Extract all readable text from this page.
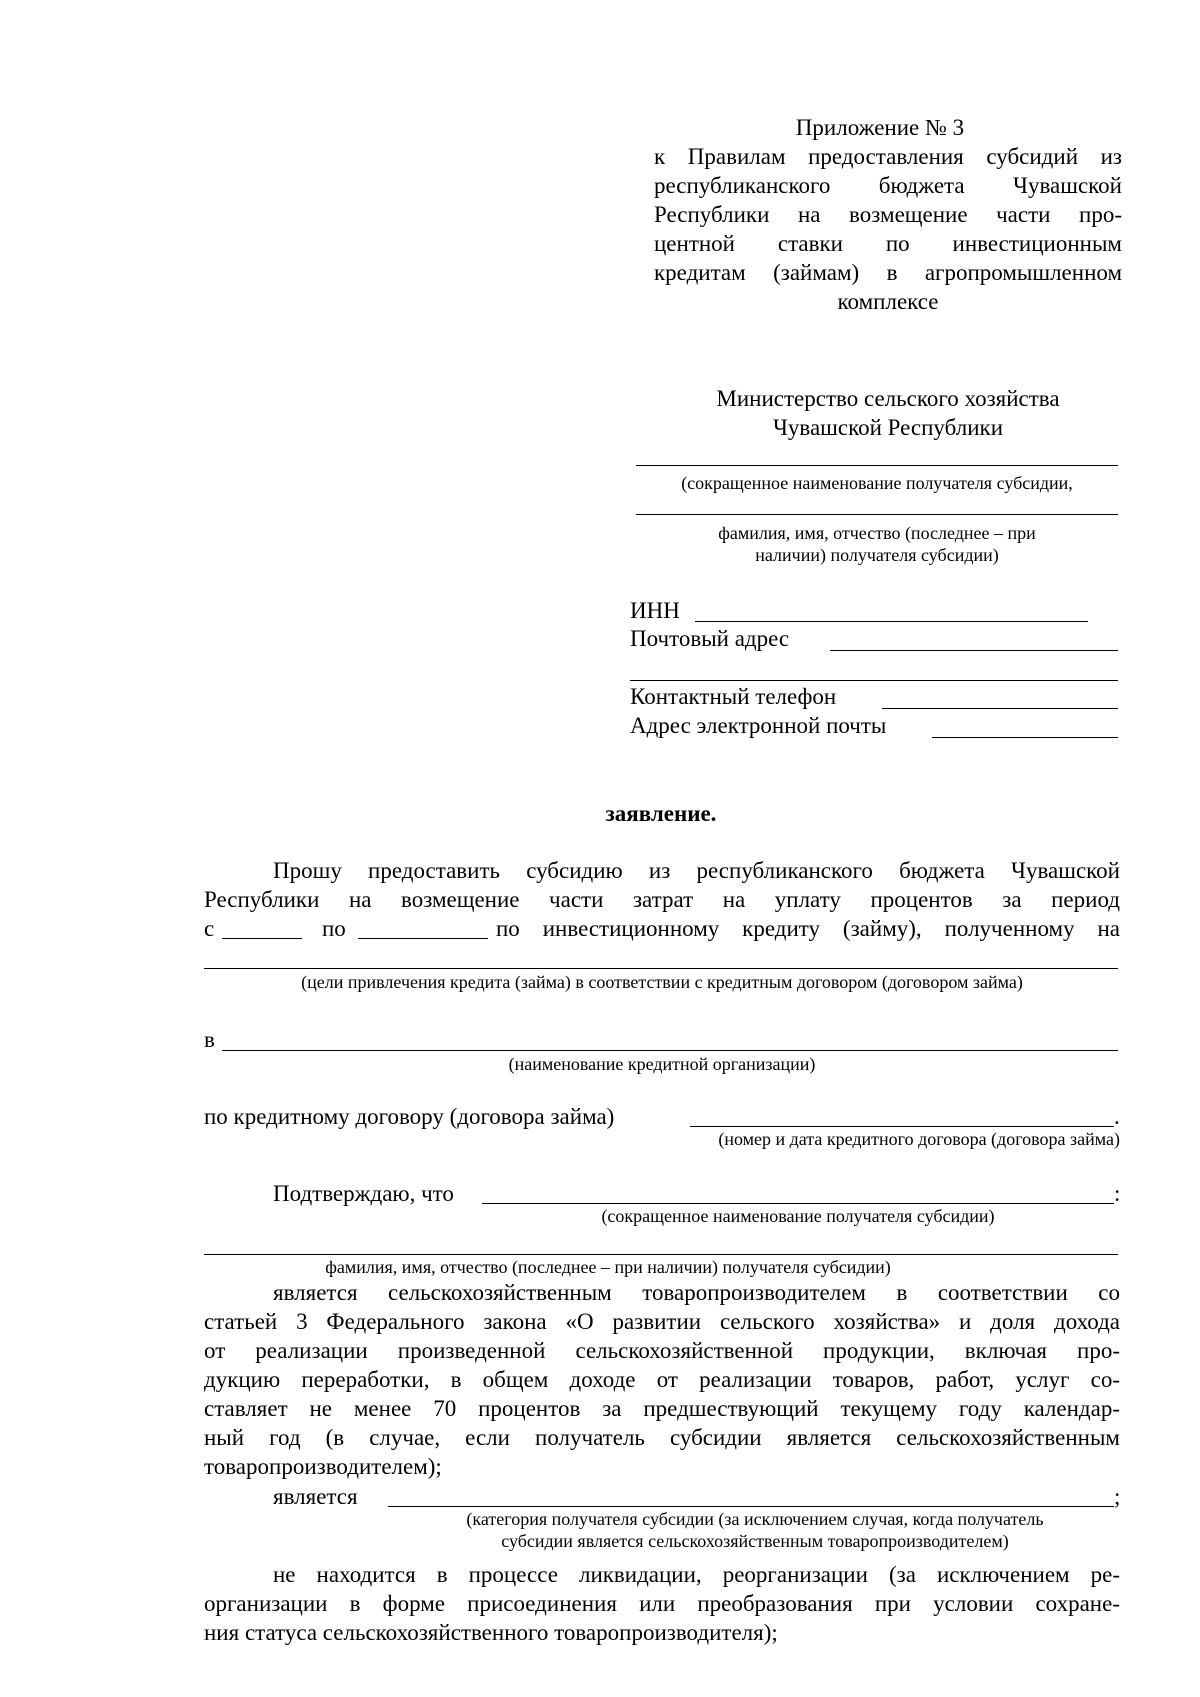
Приложение № 3
к Правилам предоставления субсидий из
республиканского бюджета Чувашской
Республики на возмещение части про-
центной ставки по инвестиционным
кредитам (займам) в агропромышленном
комплексе
Министерство сельского хозяйства
Чувашской Республики
(сокращенное наименование получателя субсидии,
фамилия, имя, отчество (последнее – при
наличии) получателя субсидии)
ИНН
Почтовый адрес
Контактный телефон
Адрес электронной почты
заявление.
Прошу предоставить субсидию из республиканского бюджета Чувашской
Республики на возмещение части затрат на уплату процентов за период
с	по	по инвестиционному кредиту (займу), полученному на
(цели привлечения кредита (займа) в соответствии с кредитным договором (договором займа)
в
(наименование кредитной организации)
по кредитному договору (договора займа)	.
(номер и дата кредитного договора (договора займа)
Подтверждаю, что	:
(сокращенное наименование получателя субсидии)
фамилия, имя, отчество (последнее – при наличии) получателя субсидии)
является сельскохозяйственным товаропроизводителем в соответствии со
статьей 3 Федерального закона «О развитии сельского хозяйства» и доля дохода
от реализации произведенной сельскохозяйственной продукции, включая про-
дукцию переработки, в общем доходе от реализации товаров, работ, услуг со-
ставляет не менее 70 процентов за предшествующий текущему году календар-
ный год (в случае, если получатель субсидии является сельскохозяйственным
товаропроизводителем);
является	;
(категория получателя субсидии (за исключением случая, когда получатель
субсидии является сельскохозяйственным товаропроизводителем)
не находится в процессе ликвидации, реорганизации (за исключением ре-
организации в форме присоединения или преобразования при условии сохране-
ния статуса сельскохозяйственного товаропроизводителя);
